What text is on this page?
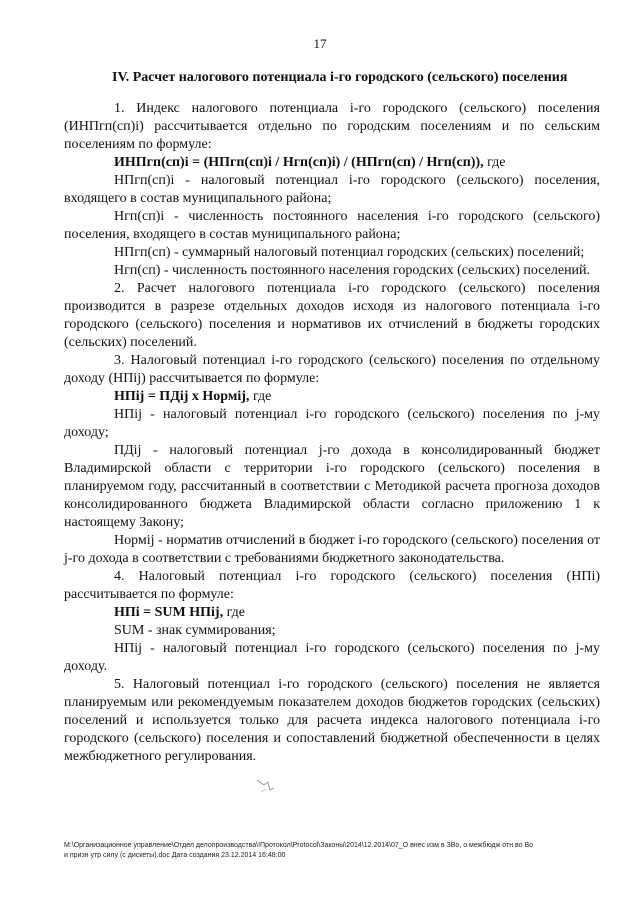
17
IV. Расчет налогового потенциала i-го городского (сельского) поселения

1. Индекс налогового потенциала i-го городского (сельского) поселения (ИНПгп(сп)i) рассчитывается отдельно по городским поселениям и по сельским поселениям по формуле:

ИНПгп(сп)i = (НПгп(сп)i / Нгп(сп)i) / (НПгп(сп) / Нгп(сп)), где

НПгп(сп)i - налоговый потенциал i-го городского (сельского) поселения, входящего в состав муниципального района;

Нгп(сп)i - численность постоянного населения i-го городского (сельского) поселения, входящего в состав муниципального района;

НПгп(сп) - суммарный налоговый потенциал городских (сельских) поселений;

Нгп(сп) - численность постоянного населения городских (сельских) поселений.

2. Расчет налогового потенциала i-го городского (сельского) поселения производится в разрезе отдельных доходов исходя из налогового потенциала i-го городского (сельского) поселения и нормативов их отчислений в бюджеты городских (сельских) поселений.

3. Налоговый потенциал i-го городского (сельского) поселения по отдельному доходу (НПij) рассчитывается по формуле:

НПij = ПДij x Нормij, где

НПij - налоговый потенциал i-го городского (сельского) поселения по j-му доходу;

ПДij - налоговый потенциал j-го дохода в консолидированный бюджет Владимирской области с территории i-го городского (сельского) поселения в планируемом году, рассчитанный в соответствии с Методикой расчета прогноза доходов консолидированного бюджета Владимирской области согласно приложению 1 к настоящему Закону;

Нормij - норматив отчислений в бюджет i-го городского (сельского) поселения от j-го дохода в соответствии с требованиями бюджетного законодательства.

4. Налоговый потенциал i-го городского (сельского) поселения (НПi) рассчитывается по формуле:

НПi = SUM НПij, где

SUM - знак суммирования;

НПij - налоговый потенциал i-го городского (сельского) поселения по j-му доходу.

5. Налоговый потенциал i-го городского (сельского) поселения не является планируемым или рекомендуемым показателем доходов бюджетов городских (сельских) поселений и используется только для расчета индекса налогового потенциала i-го городского (сельского) поселения и сопоставлений бюджетной обеспеченности в целях межбюджетного регулирования.

M:\Организационное управление\Отдел делопроизводства\!Протокол\Protocol\Законы\2014\12.2014\07_O внес изм в ЗВо, о межбюдж отн во Во
и призн утр силу (с дискеты).doc Дата создания 23.12.2014 16:48:00
